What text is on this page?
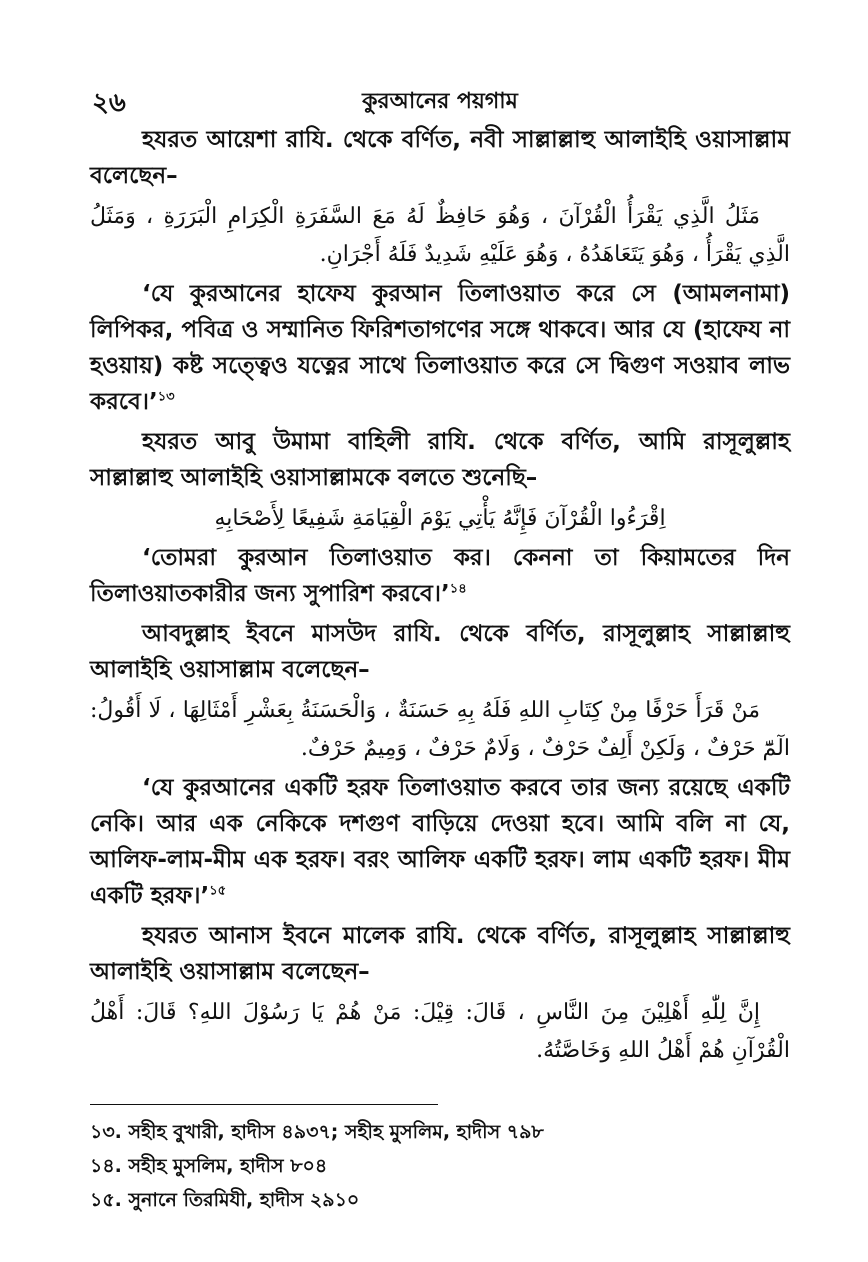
২৬	কুরআনের পয়গাম

হযরত আয়েশা রাযি. থেকে বর্ণিত, নবী সাল্লাল্লাহু আলাইহি ওয়াসাল্লাম বলেছেন–

مَثَلُ الَّذِي يَقْرَأُ الْقُرْآنَ ، وَهُوَ حَافِظٌ لَهُ مَعَ السَّفَرَةِ الْكِرَامِ الْبَرَرَةِ ، وَمَثَلُ الَّذِي يَقْرَأُ ، وَهُوَ يَتَعَاهَدُهُ ، وَهُوَ عَلَيْهِ شَدِيدٌ فَلَهُ أَجْرَانِ.

‘যে কুরআনের হাফেয কুরআন তিলাওয়াত করে সে (আমলনামা) লিপিকর, পবিত্র ও সম্মানিত ফিরিশতাগণের সঙ্গে থাকবে। আর যে (হাফেয না হওয়ায়) কষ্ট সত্ত্বেও যত্নের সাথে তিলাওয়াত করে সে দ্বিগুণ সওয়াব লাভ করবে।’$^{১৩}$

হযরত আবু উমামা বাহিলী রাযি. থেকে বর্ণিত, আমি রাসূলুল্লাহ সাল্লাল্লাহু আলাইহি ওয়াসাল্লামকে বলতে শুনেছি–

اِقْرَءُوا الْقُرْآنَ فَإِنَّهُ يَأْتِي يَوْمَ الْقِيَامَةِ شَفِيعًا لِأَصْحَابِهِ

‘তোমরা কুরআন তিলাওয়াত কর। কেননা তা কিয়ামতের দিন তিলাওয়াতকারীর জন্য সুপারিশ করবে।’$^{১৪}$

আবদুল্লাহ ইবনে মাসউদ রাযি. থেকে বর্ণিত, রাসূলুল্লাহ সাল্লাল্লাহু আলাইহি ওয়াসাল্লাম বলেছেন–

مَنْ قَرَأَ حَرْفًا مِنْ كِتَابِ اللهِ فَلَهُ بِهِ حَسَنَةٌ ، وَالْحَسَنَةُ بِعَشْرِ أَمْثَالِهَا ، لَا أَقُولُ: الٓمّٓ حَرْفٌ ، وَلَكِنْ أَلِفٌ حَرْفٌ ، وَلَامٌ حَرْفٌ ، وَمِيمٌ حَرْفٌ.

‘যে কুরআনের একটি হরফ তিলাওয়াত করবে তার জন্য রয়েছে একটি নেকি। আর এক নেকিকে দশগুণ বাড়িয়ে দেওয়া হবে। আমি বলি না যে, আলিফ-লাম-মীম এক হরফ। বরং আলিফ একটি হরফ। লাম একটি হরফ। মীম একটি হরফ।’$^{১৫}$

হযরত আনাস ইবনে মালেক রাযি. থেকে বর্ণিত, রাসূলুল্লাহ সাল্লাল্লাহু আলাইহি ওয়াসাল্লাম বলেছেন–

إِنَّ لِلّٰهِ أَهْلِيْنَ مِنَ النَّاسِ ، قَالَ: قِيْلَ: مَنْ هُمْ يَا رَسُوْلَ اللهِ؟ قَالَ: أَهْلُ الْقُرْآنِ هُمْ أَهْلُ اللهِ وَخَاصَّتُهُ.

১৩. সহীহ বুখারী, হাদীস ৪৯৩৭; সহীহ মুসলিম, হাদীস ৭৯৮

১৪. সহীহ মুসলিম, হাদীস ৮০৪

১৫. সুনানে তিরমিযী, হাদীস ২৯১০
